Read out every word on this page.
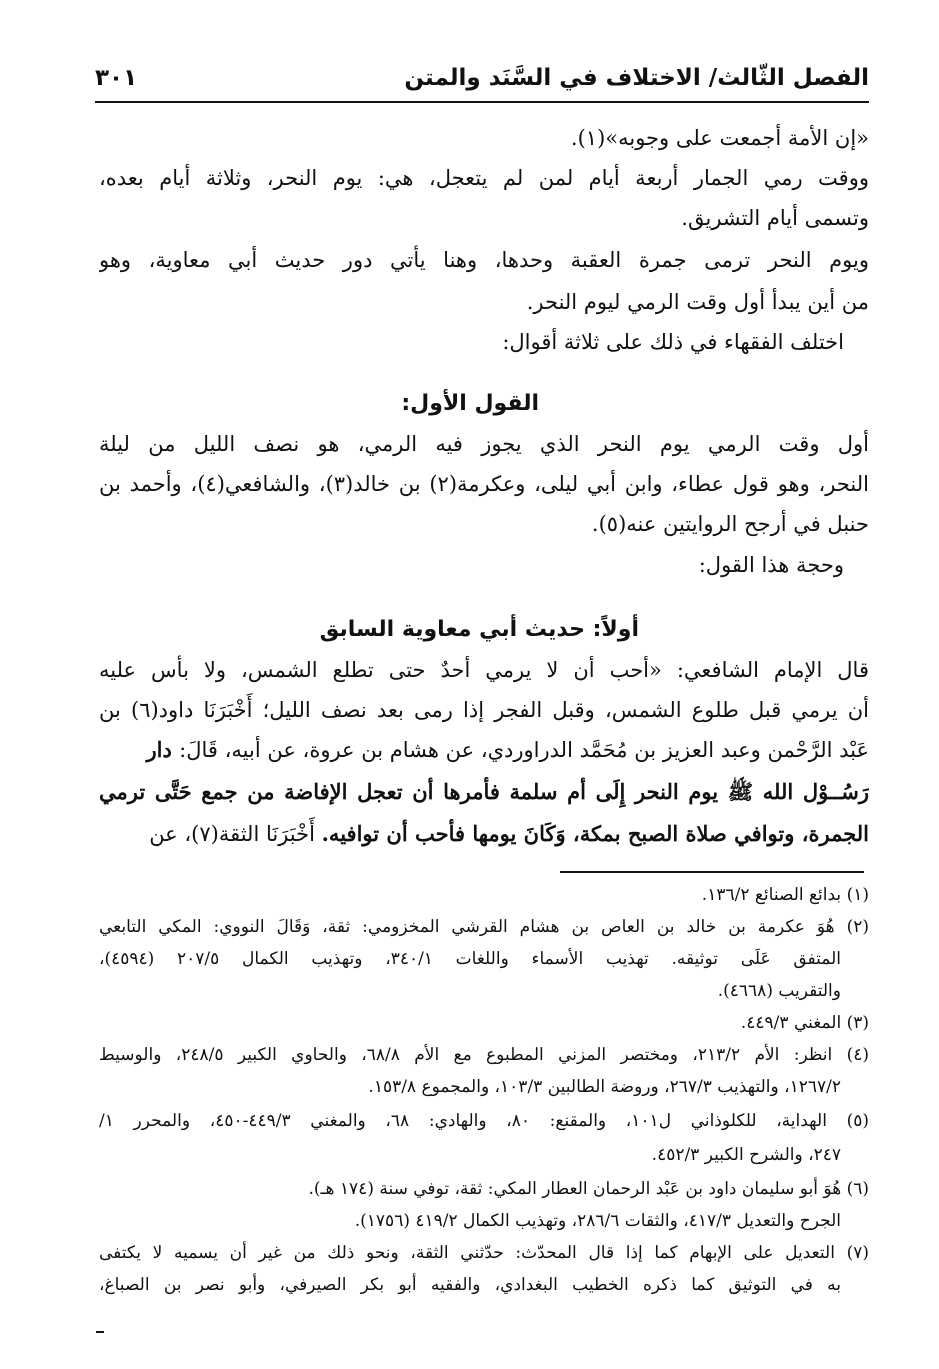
الفصل الثّالث/ الاختلاف في السَّنَد والمتن
٣٠١
«إن الأمة أجمعت على وجوبه»(١).
ووقت رمي الجمار أربعة أيام لمن لم يتعجل، هي: يوم النحر، وثلاثة أيام بعده،
وتسمى أيام التشريق.
ويوم النحر ترمى جمرة العقبة وحدها، وهنا يأتي دور حديث أبي معاوية، وهو
من أين يبدأ أول وقت الرمي ليوم النحر.
اختلف الفقهاء في ذلك على ثلاثة أقوال:
القول الأول:
أول وقت الرمي يوم النحر الذي يجوز فيه الرمي، هو نصف الليل من ليلة
النحر، وهو قول عطاء، وابن أبي ليلى، وعكرمة(٢) بن خالد(٣)، والشافعي(٤)، وأحمد بن
حنبل في أرجح الروايتين عنه(٥).
وحجة هذا القول:
أولاً: حديث أبي معاوية السابق
قال الإمام الشافعي: «أحب أن لا يرمي أحدٌ حتى تطلع الشمس، ولا بأس عليه
أن يرمي قبل طلوع الشمس، وقبل الفجر إذا رمى بعد نصف الليل؛ أَخْبَرَنَا داود(٦) بن
عَبْد الرَّحْمن وعبد العزيز بن مُحَمَّد الدراوردي، عن هشام بن عروة، عن أبيه، قَالَ: دار
رَسُــوْل الله ﷺ يوم النحر إِلَى أم سلمة فأمرها أن تعجل الإفاضة من جمع حَتَّى ترمي
الجمرة، وتوافي صلاة الصبح بمكة، وَكَانَ يومها فأحب أن توافيه. أَخْبَرَنَا الثقة(٧)، عن
(١) بدائع الصنائع ١٣٦/٢.
(٢) هُوَ عكرمة بن خالد بن العاص بن هشام القرشي المخزومي: ثقة، وَقَالَ النووي: المكي التابعي
المتفق عَلَى توثيقه. تهذيب الأسماء واللغات ٣٤٠/١، وتهذيب الكمال ٢٠٧/٥ (٤٥٩٤)،
والتقريب (٤٦٦٨).
(٣) المغني ٤٤٩/٣.
(٤) انظر: الأم ٢١٣/٢، ومختصر المزني المطبوع مع الأم ٦٨/٨، والحاوي الكبير ٢٤٨/٥، والوسيط
١٢٦٧/٢، والتهذيب ٢٦٧/٣، وروضة الطالبين ١٠٣/٣، والمجموع ١٥٣/٨.
(٥) الهداية، للكلوذاني ل١٠١، والمقنع: ٨٠، والهادي: ٦٨، والمغني ٤٤٩/٣-٤٥٠، والمحرر ١/
٢٤٧، والشرح الكبير ٤٥٢/٣.
(٦) هُوَ أبو سليمان داود بن عَبْد الرحمان العطار المكي: ثقة، توفي سنة (١٧٤ هـ).
الجرح والتعديل ٤١٧/٣، والثقات ٢٨٦/٦، وتهذيب الكمال ٤١٩/٢ (١٧٥٦).
(٧) التعديل على الإبهام كما إذا قال المحدّث: حدّثني الثقة، ونحو ذلك من غير أن يسميه لا يكتفى
به في التوثيق كما ذكره الخطيب البغدادي، والفقيه أبو بكر الصيرفي، وأبو نصر بن الصباغ،
